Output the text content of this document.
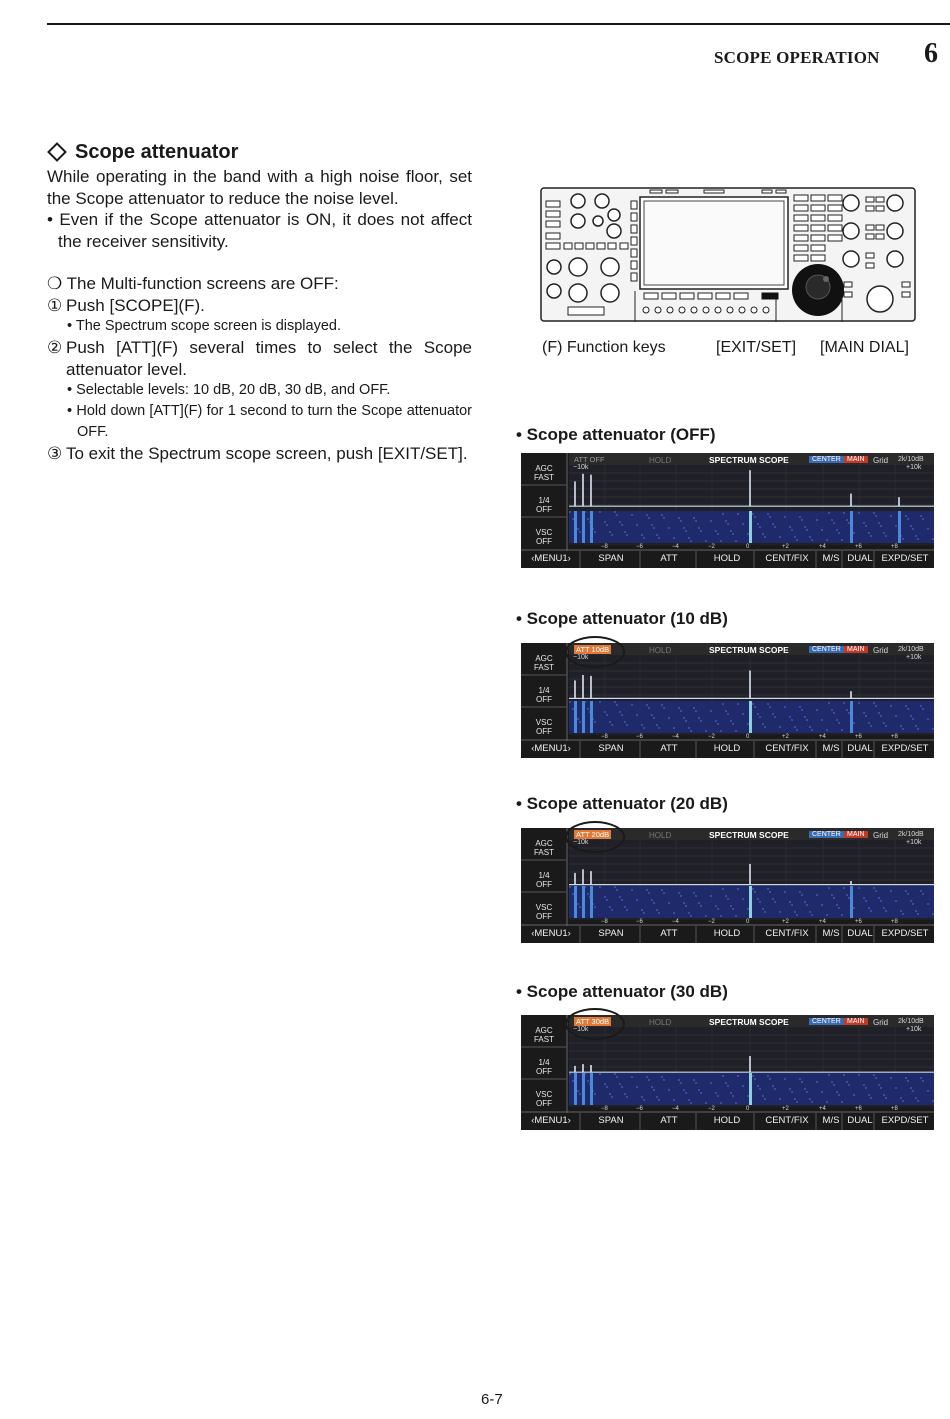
SCOPE OPERATION 6
Scope attenuator

While operating in the band with a high noise floor, set the Scope attenuator to reduce the noise level.

• Even if the Scope attenuator is ON, it does not affect the receiver sensitivity.

❍ The Multi-function screens are OFF:

① Push [SCOPE](F).
• The Spectrum scope screen is displayed.
② Push [ATT](F) several times to select the Scope attenuator level.
• Selectable levels: 10 dB, 20 dB, 30 dB, and OFF.
• Hold down [ATT](F) for 1 second to turn the Scope attenuator OFF.
③ To exit the Spectrum scope screen, push [EXIT/SET].
(F) Function keys	[EXIT/SET] [MAIN DIAL]
• Scope attenuator (OFF)
• Scope attenuator (10 dB)
• Scope attenuator (20 dB)
• Scope attenuator (30 dB)
AGC
FAST
1/4
OFF
VSC
OFF
ATT OFF
−10k
HOLD	SPECTRUM SCOPE	CENTER MAIN	Grid 2k/10dB
+10k
−8	−6	−4	−2	0	+2	+4	+6	+8
‹MENU1›	SPAN	ATT	HOLD	CENT/FIX	M/S DUAL EXPD/SET
AGC
FAST
1/4
OFF
VSC
OFF
ATT 10dB
−10k
HOLD	SPECTRUM SCOPE	CENTER MAIN	Grid 2k/10dB
+10k
−8	−6	−4	−2	0	+2	+4	+6	+8
‹MENU1›	SPAN	ATT	HOLD	CENT/FIX	M/S DUAL EXPD/SET
AGC
FAST
1/4
OFF
VSC
OFF
ATT 20dB
−10k
HOLD	SPECTRUM SCOPE	CENTER MAIN	Grid 2k/10dB
+10k
−8	−6	−4	−2	0	+2	+4	+6	+8
‹MENU1›	SPAN	ATT	HOLD	CENT/FIX	M/S DUAL EXPD/SET
AGC
FAST
1/4
OFF
VSC
OFF
ATT 30dB
−10k
HOLD	SPECTRUM SCOPE	CENTER MAIN	Grid 2k/10dB
+10k
−8	−6	−4	−2	0	+2	+4	+6	+8
‹MENU1›	SPAN	ATT	HOLD	CENT/FIX	M/S DUAL EXPD/SET
6-7
